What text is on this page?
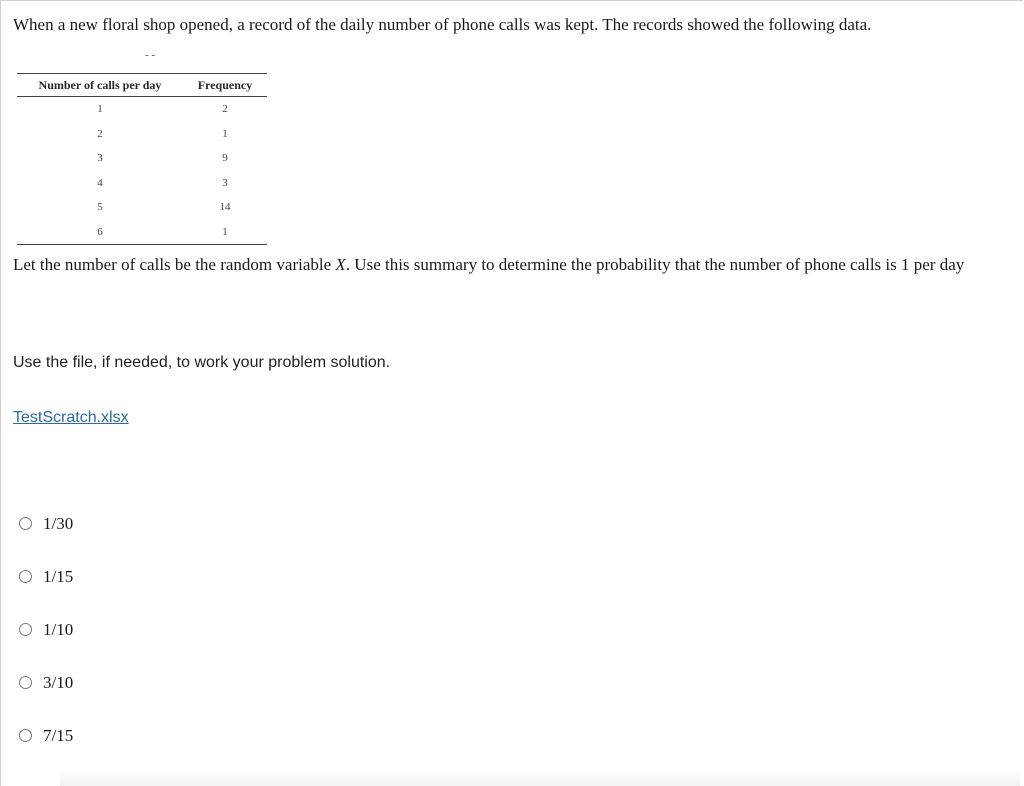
When a new floral shop opened, a record of the daily number of phone calls was kept. The records showed the following data.
- -
Number of calls per day	Frequency
1	2
2	1
3	9
4	3
5	14
6	1
Let the number of calls be the random variable X. Use this summary to determine the probability that the number of phone calls is 1 per day
Use the file, if needed, to work your problem solution.
TestScratch.xlsx
1/30
1/15
1/10
3/10
7/15
